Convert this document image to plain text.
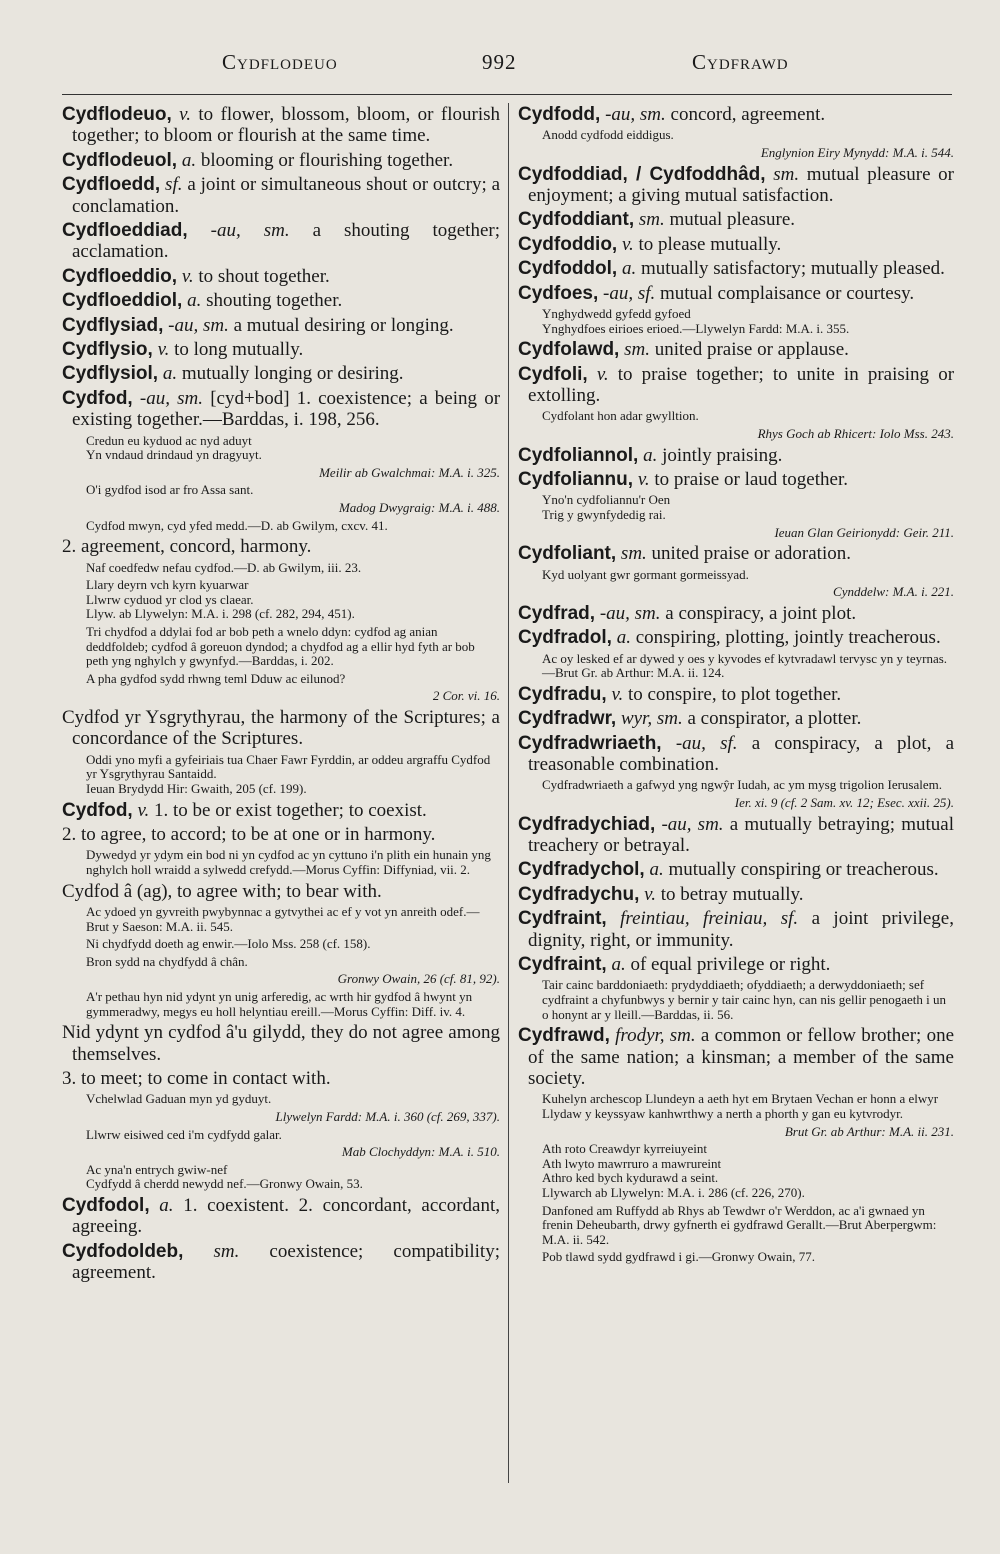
Cydflodeuo	992	Cydfrawd

Cydflodeuo, v. to flower, blossom, bloom, or flourish together; to bloom or flourish at the same time.

Cydflodeuol, a. blooming or flourishing together.

Cydfloedd, sf. a joint or simultaneous shout or outcry; a conclamation.

Cydfloeddiad, -au, sm. a shouting together; acclamation.

Cydfloeddio, v. to shout together.

Cydfloeddiol, a. shouting together.

Cydflysiad, -au, sm. a mutual desiring or longing.

Cydflysio, v. to long mutually.

Cydflysiol, a. mutually longing or desiring.

Cydfod, -au, sm. [cyd+bod] 1. coexistence; a being or existing together.—Barddas, i. 198, 256.

Credun eu kyduod ac nyd aduyt
Yn vndaud drindaud yn dragyuyt.
Meilir ab Gwalchmai: M.A. i. 325.
O'i gydfod isod ar fro Assa sant.
Madog Dwygraig: M.A. i. 488.
Cydfod mwyn, cyd yfed medd.—D. ab Gwilym, cxcv. 41.

2. agreement, concord, harmony.

Naf coedfedw nefau cydfod.—D. ab Gwilym, iii. 23.
Llary deyrn vch kyrn kyuarwar
Llwrw cyduod yr clod ys claear.
Llyw. ab Llywelyn: M.A. i. 298 (cf. 282, 294, 451).
Tri chydfod a ddylai fod ar bob peth a wnelo ddyn: cydfod ag anian deddfoldeb; cydfod â goreuon dyndod; a chydfod ag a ellir hyd fyth ar bob peth yng nghylch y gwynfyd.—Barddas, i. 202.
A pha gydfod sydd rhwng teml Dduw ac eilunod?
2 Cor. vi. 16.

Cydfod yr Ysgrythyrau, the harmony of the Scriptures; a concordance of the Scriptures.

Oddi yno myfi a gyfeiriais tua Chaer Fawr Fyrddin, ar oddeu argraffu Cydfod yr Ysgrythyrau Santaidd.
Ieuan Brydydd Hir: Gwaith, 205 (cf. 199).

Cydfod, v. 1. to be or exist together; to coexist.

2. to agree, to accord; to be at one or in harmony.

Dywedyd yr ydym ein bod ni yn cydfod ac yn cyttuno i'n plith ein hunain yng nghylch holl wraidd a sylwedd crefydd.—Morus Cyffin: Diffyniad, vii. 2.

Cydfod â (ag), to agree with; to bear with.

Ac ydoed yn gyvreith pwybynnac a gytvythei ac ef y vot yn anreith odef.—Brut y Saeson: M.A. ii. 545.
Ni chydfydd doeth ag enwir.—Iolo Mss. 258 (cf. 158).
Bron sydd na chydfydd â chân.
Gronwy Owain, 26 (cf. 81, 92).
A'r pethau hyn nid ydynt yn unig arferedig, ac wrth hir gydfod â hwynt yn gymmeradwy, megys eu holl helyntiau ereill.—Morus Cyffin: Diff. iv. 4.

Nid ydynt yn cydfod â'u gilydd, they do not agree among themselves.

3. to meet; to come in contact with.

Vchelwlad Gaduan myn yd gyduyt.
Llywelyn Fardd: M.A. i. 360 (cf. 269, 337).
Llwrw eisiwed ced i'm cydfydd galar.
Mab Clochyddyn: M.A. i. 510.
Ac yna'n entrych gwiw-nef
Cydfydd â cherdd newydd nef.—Gronwy Owain, 53.

Cydfodol, a. 1. coexistent. 2. concordant, accordant, agreeing.

Cydfodoldeb, sm. coexistence; compatibility; agreement.

Cydfodd, -au, sm. concord, agreement.

Anodd cydfodd eiddigus.
Englynion Eiry Mynydd: M.A. i. 544.

Cydfoddiad, / Cydfoddhâd, sm. mutual pleasure or enjoyment; a giving mutual satisfaction.

Cydfoddiant, sm. mutual pleasure.

Cydfoddio, v. to please mutually.

Cydfoddol, a. mutually satisfactory; mutually pleased.

Cydfoes, -au, sf. mutual complaisance or courtesy.

Ynghydwedd gyfedd gyfoed
Ynghydfoes eirioes erioed.—Llywelyn Fardd: M.A. i. 355.

Cydfolawd, sm. united praise or applause.

Cydfoli, v. to praise together; to unite in praising or extolling.

Cydfolant hon adar gwylltion.
Rhys Goch ab Rhicert: Iolo Mss. 243.

Cydfoliannol, a. jointly praising.

Cydfoliannu, v. to praise or laud together.

Yno'n cydfoliannu'r Oen
Trig y gwynfydedig rai.
Ieuan Glan Geirionydd: Geir. 211.

Cydfoliant, sm. united praise or adoration.

Kyd uolyant gwr gormant gormeissyad.
Cynddelw: M.A. i. 221.

Cydfrad, -au, sm. a conspiracy, a joint plot.

Cydfradol, a. conspiring, plotting, jointly treacherous.

Ac oy lesked ef ar dywed y oes y kyvodes ef kytvradawl tervysc yn y teyrnas.—Brut Gr. ab Arthur: M.A. ii. 124.

Cydfradu, v. to conspire, to plot together.

Cydfradwr, wyr, sm. a conspirator, a plotter.

Cydfradwriaeth, -au, sf. a conspiracy, a plot, a treasonable combination.

Cydfradwriaeth a gafwyd yng ngwŷr Iudah, ac ym mysg trigolion Ierusalem.
Ier. xi. 9 (cf. 2 Sam. xv. 12; Esec. xxii. 25).

Cydfradychiad, -au, sm. a mutually betraying; mutual treachery or betrayal.

Cydfradychol, a. mutually conspiring or treacherous.

Cydfradychu, v. to betray mutually.

Cydfraint, freintiau, freiniau, sf. a joint privilege, dignity, right, or immunity.

Cydfraint, a. of equal privilege or right.

Tair cainc barddoniaeth: prydyddiaeth; ofyddiaeth; a derwyddoniaeth; sef cydfraint a chyfunbwys y bernir y tair cainc hyn, can nis gellir penogaeth i un o honynt ar y lleill.—Barddas, ii. 56.

Cydfrawd, frodyr, sm. a common or fellow brother; one of the same nation; a kinsman; a member of the same society.

Kuhelyn archescop Llundeyn a aeth hyt em Brytaen Vechan er honn a elwyr Llydaw y keyssyaw kanhwrthwy a nerth a phorth y gan eu kytvrodyr.
Brut Gr. ab Arthur: M.A. ii. 231.
Ath roto Creawdyr kyrreiuyeint
Ath lwyto mawrruro a mawrureint
Athro ked bych kydurawd a seint.
Llywarch ab Llywelyn: M.A. i. 286 (cf. 226, 270).
Danfoned am Ruffydd ab Rhys ab Tewdwr o'r Werddon, ac a'i gwnaed yn frenin Deheubarth, drwy gyfnerth ei gydfrawd Gerallt.—Brut Aberpergwm: M.A. ii. 542.
Pob tlawd sydd gydfrawd i gi.—Gronwy Owain, 77.
